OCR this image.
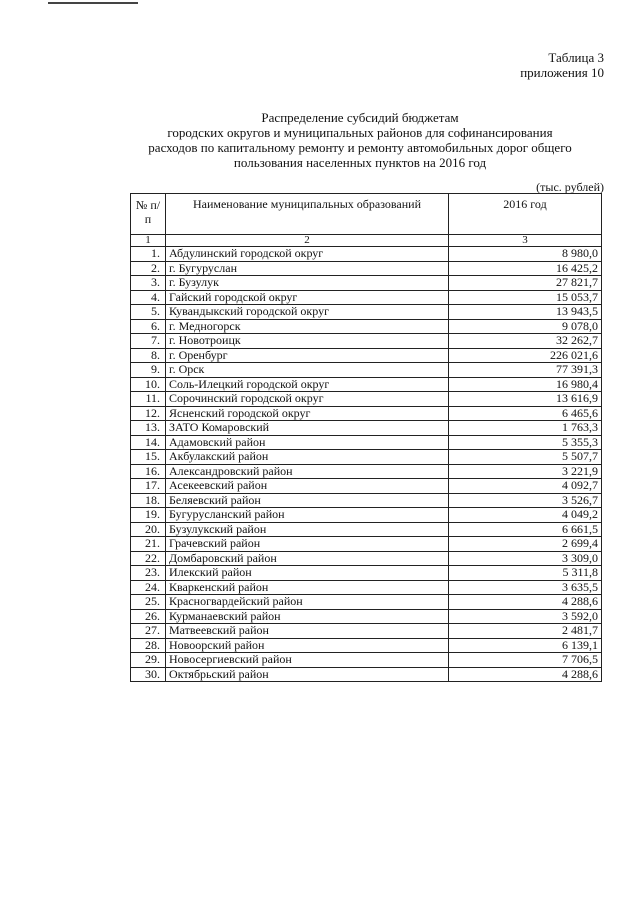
Таблица 3
приложения 10
Распределение субсидий бюджетам
городских округов и муниципальных районов для софинансирования
расходов по капитальному ремонту и ремонту автомобильных дорог общего
пользования населенных пунктов на 2016 год
(тыс. рублей)
№ п/п	Наименование муниципальных образований	2016 год
1	2	3
1.	Абдулинский городской округ	8 980,0
2.	г. Бугуруслан	16 425,2
3.	г. Бузулук	27 821,7
4.	Гайский городской округ	15 053,7
5.	Кувандыкский городской округ	13 943,5
6.	г. Медногорск	9 078,0
7.	г. Новотроицк	32 262,7
8.	г. Оренбург	226 021,6
9.	г. Орск	77 391,3
10.	Соль-Илецкий городской округ	16 980,4
11.	Сорочинский городской округ	13 616,9
12.	Ясненский городской округ	6 465,6
13.	ЗАТО Комаровский	1 763,3
14.	Адамовский район	5 355,3
15.	Акбулакский район	5 507,7
16.	Александровский район	3 221,9
17.	Асекеевский район	4 092,7
18.	Беляевский район	3 526,7
19.	Бугурусланский район	4 049,2
20.	Бузулукский район	6 661,5
21.	Грачевский район	2 699,4
22.	Домбаровский район	3 309,0
23.	Илекский район	5 311,8
24.	Кваркенский район	3 635,5
25.	Красногвардейский район	4 288,6
26.	Курманаевский район	3 592,0
27.	Матвеевский район	2 481,7
28.	Новоорский район	6 139,1
29.	Новосергиевский район	7 706,5
30.	Октябрьский район	4 288,6
